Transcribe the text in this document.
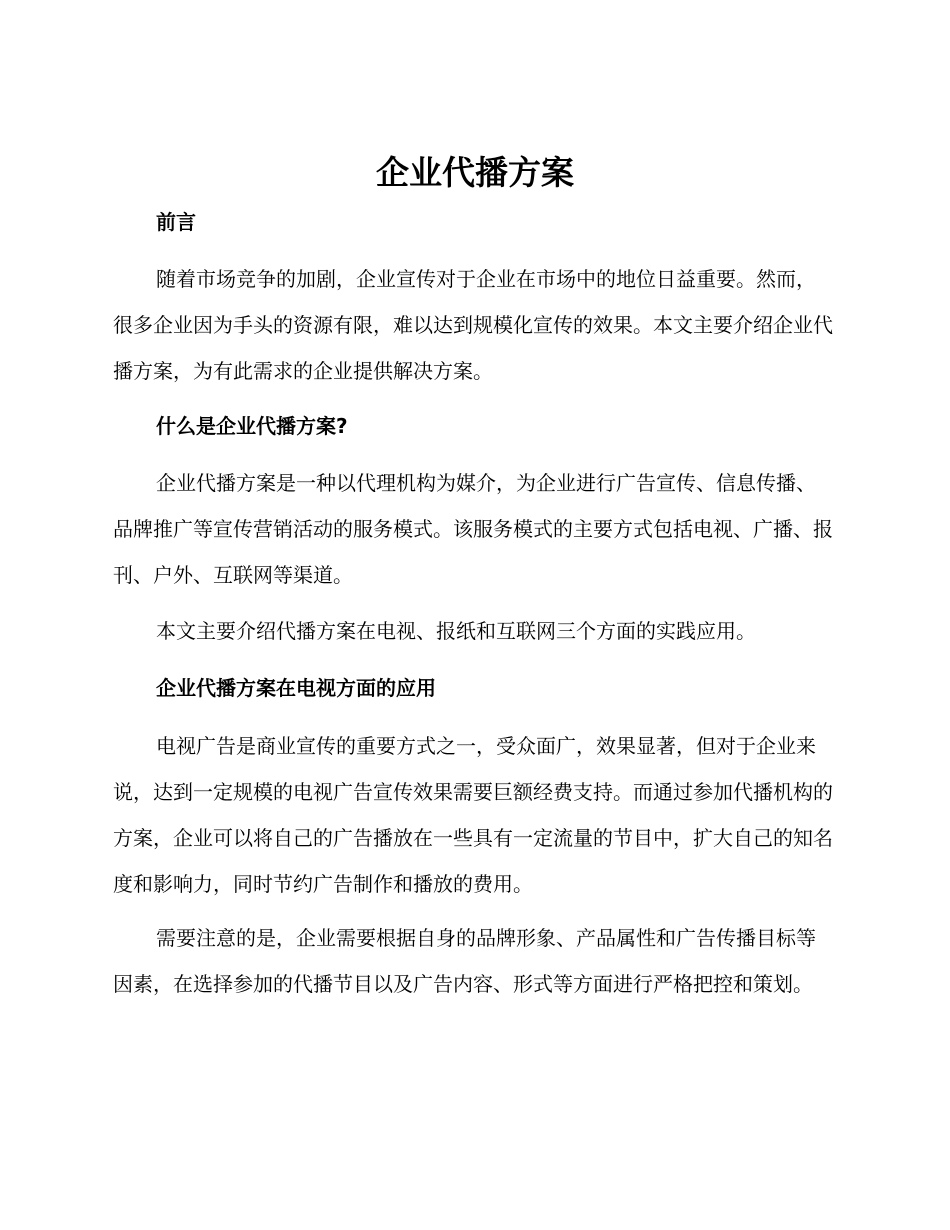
企业代播方案
前言

随着市场竞争的加剧，企业宣传对于企业在市场中的地位日益重要。然而，很多企业因为手头的资源有限，难以达到规模化宣传的效果。本文主要介绍企业代播方案，为有此需求的企业提供解决方案。

什么是企业代播方案?

企业代播方案是一种以代理机构为媒介，为企业进行广告宣传、信息传播、品牌推广等宣传营销活动的服务模式。该服务模式的主要方式包括电视、广播、报刊、户外、互联网等渠道。

本文主要介绍代播方案在电视、报纸和互联网三个方面的实践应用。

企业代播方案在电视方面的应用

电视广告是商业宣传的重要方式之一，受众面广，效果显著，但对于企业来说，达到一定规模的电视广告宣传效果需要巨额经费支持。而通过参加代播机构的方案，企业可以将自己的广告播放在一些具有一定流量的节目中，扩大自己的知名度和影响力，同时节约广告制作和播放的费用。

需要注意的是，企业需要根据自身的品牌形象、产品属性和广告传播目标等因素，在选择参加的代播节目以及广告内容、形式等方面进行严格把控和策划。
